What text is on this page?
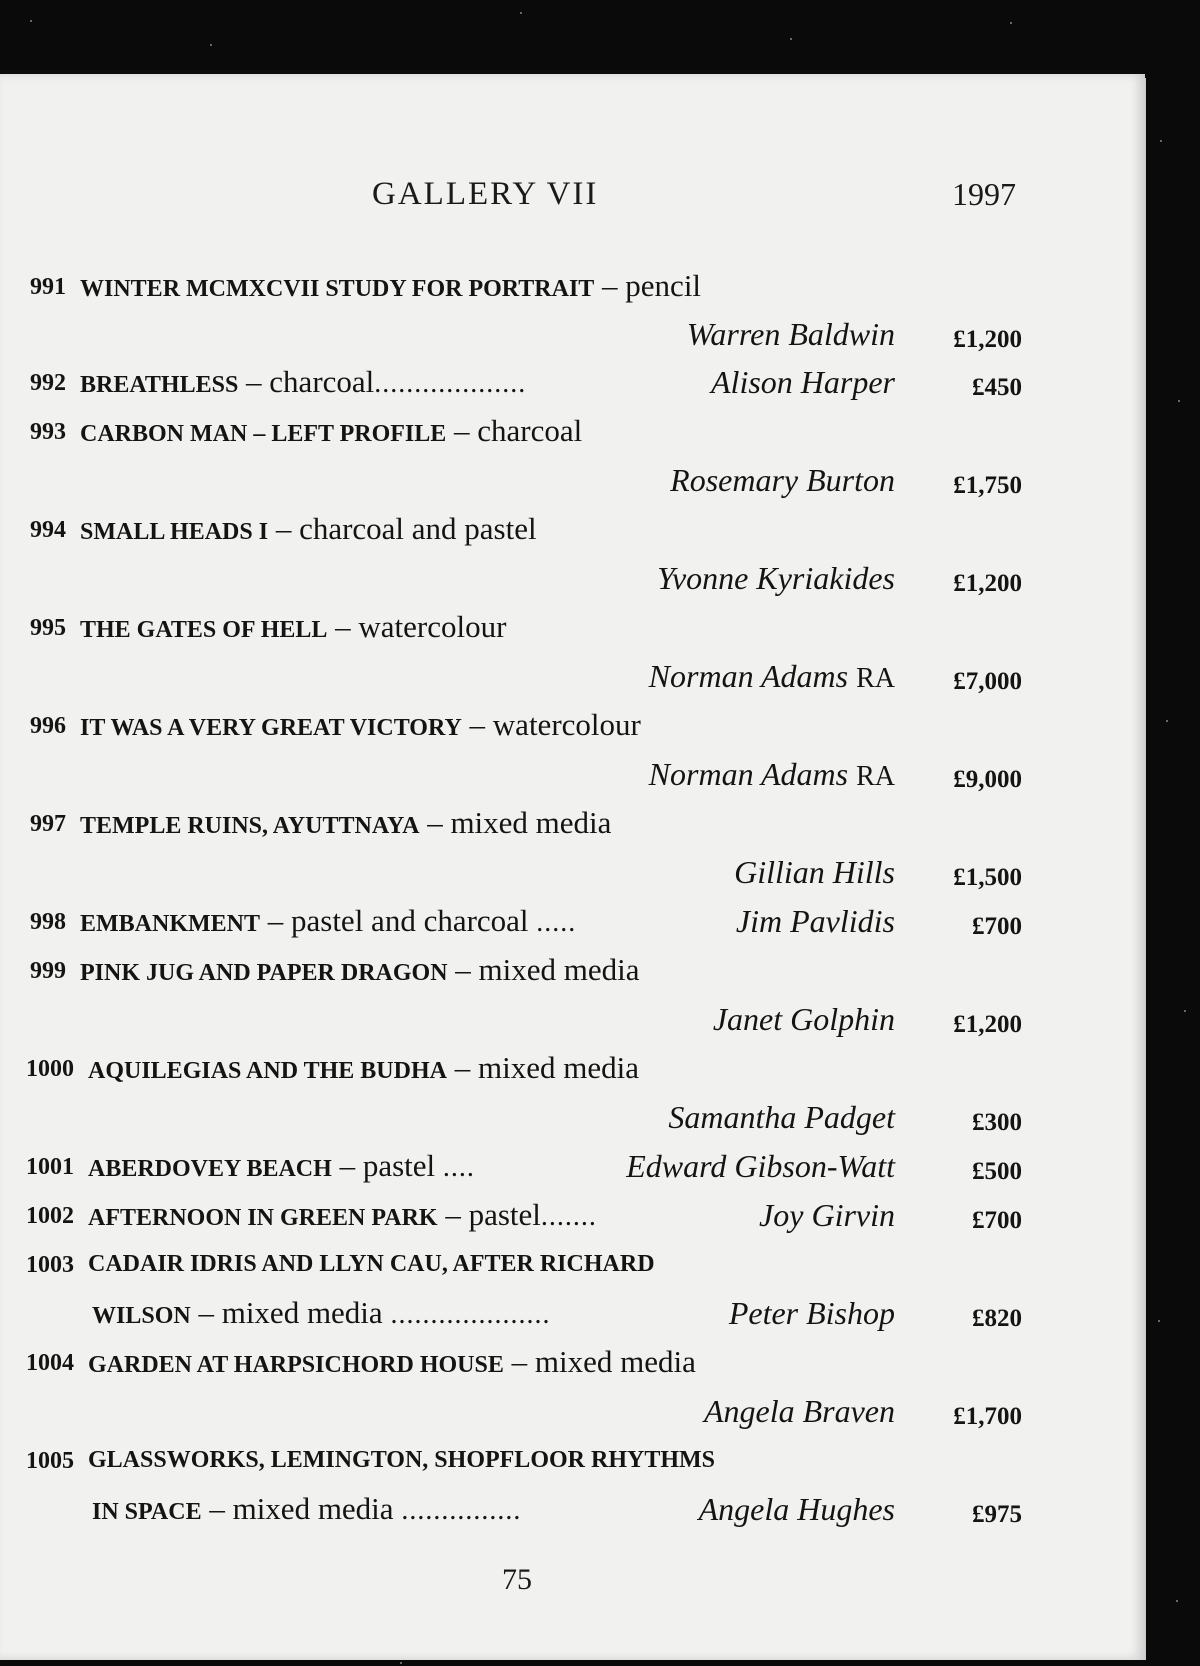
GALLERY VII	1997
991 WINTER MCMXCVII STUDY FOR PORTRAIT – pencil
Warren Baldwin £1,200
992 BREATHLESS – charcoal...................	Alison Harper	£450
993 CARBON MAN – LEFT PROFILE – charcoal
Rosemary Burton £1,750
994 SMALL HEADS I – charcoal and pastel
Yvonne Kyriakides £1,200
995 THE GATES OF HELL – watercolour
Norman Adams RA £7,000
996 IT WAS A VERY GREAT VICTORY – watercolour
Norman Adams RA £9,000
997 TEMPLE RUINS, AYUTTNAYA – mixed media
Gillian Hills £1,500
998 EMBANKMENT – pastel and charcoal .....	Jim Pavlidis	£700
999 PINK JUG AND PAPER DRAGON – mixed media
Janet Golphin £1,200
1000 AQUILEGIAS AND THE BUDHA – mixed media
Samantha Padget	£300
1001 ABERDOVEY BEACH – pastel ....	Edward Gibson-Watt	£500
1002 AFTERNOON IN GREEN PARK – pastel.......	Joy Girvin	£700
1003 CADAIR IDRIS AND LLYN CAU, AFTER RICHARD
WILSON – mixed media ....................	Peter Bishop	£820
1004 GARDEN AT HARPSICHORD HOUSE – mixed media
Angela Braven £1,700
1005 GLASSWORKS, LEMINGTON, SHOPFLOOR RHYTHMS
IN SPACE – mixed media ...............	Angela Hughes	£975
75
